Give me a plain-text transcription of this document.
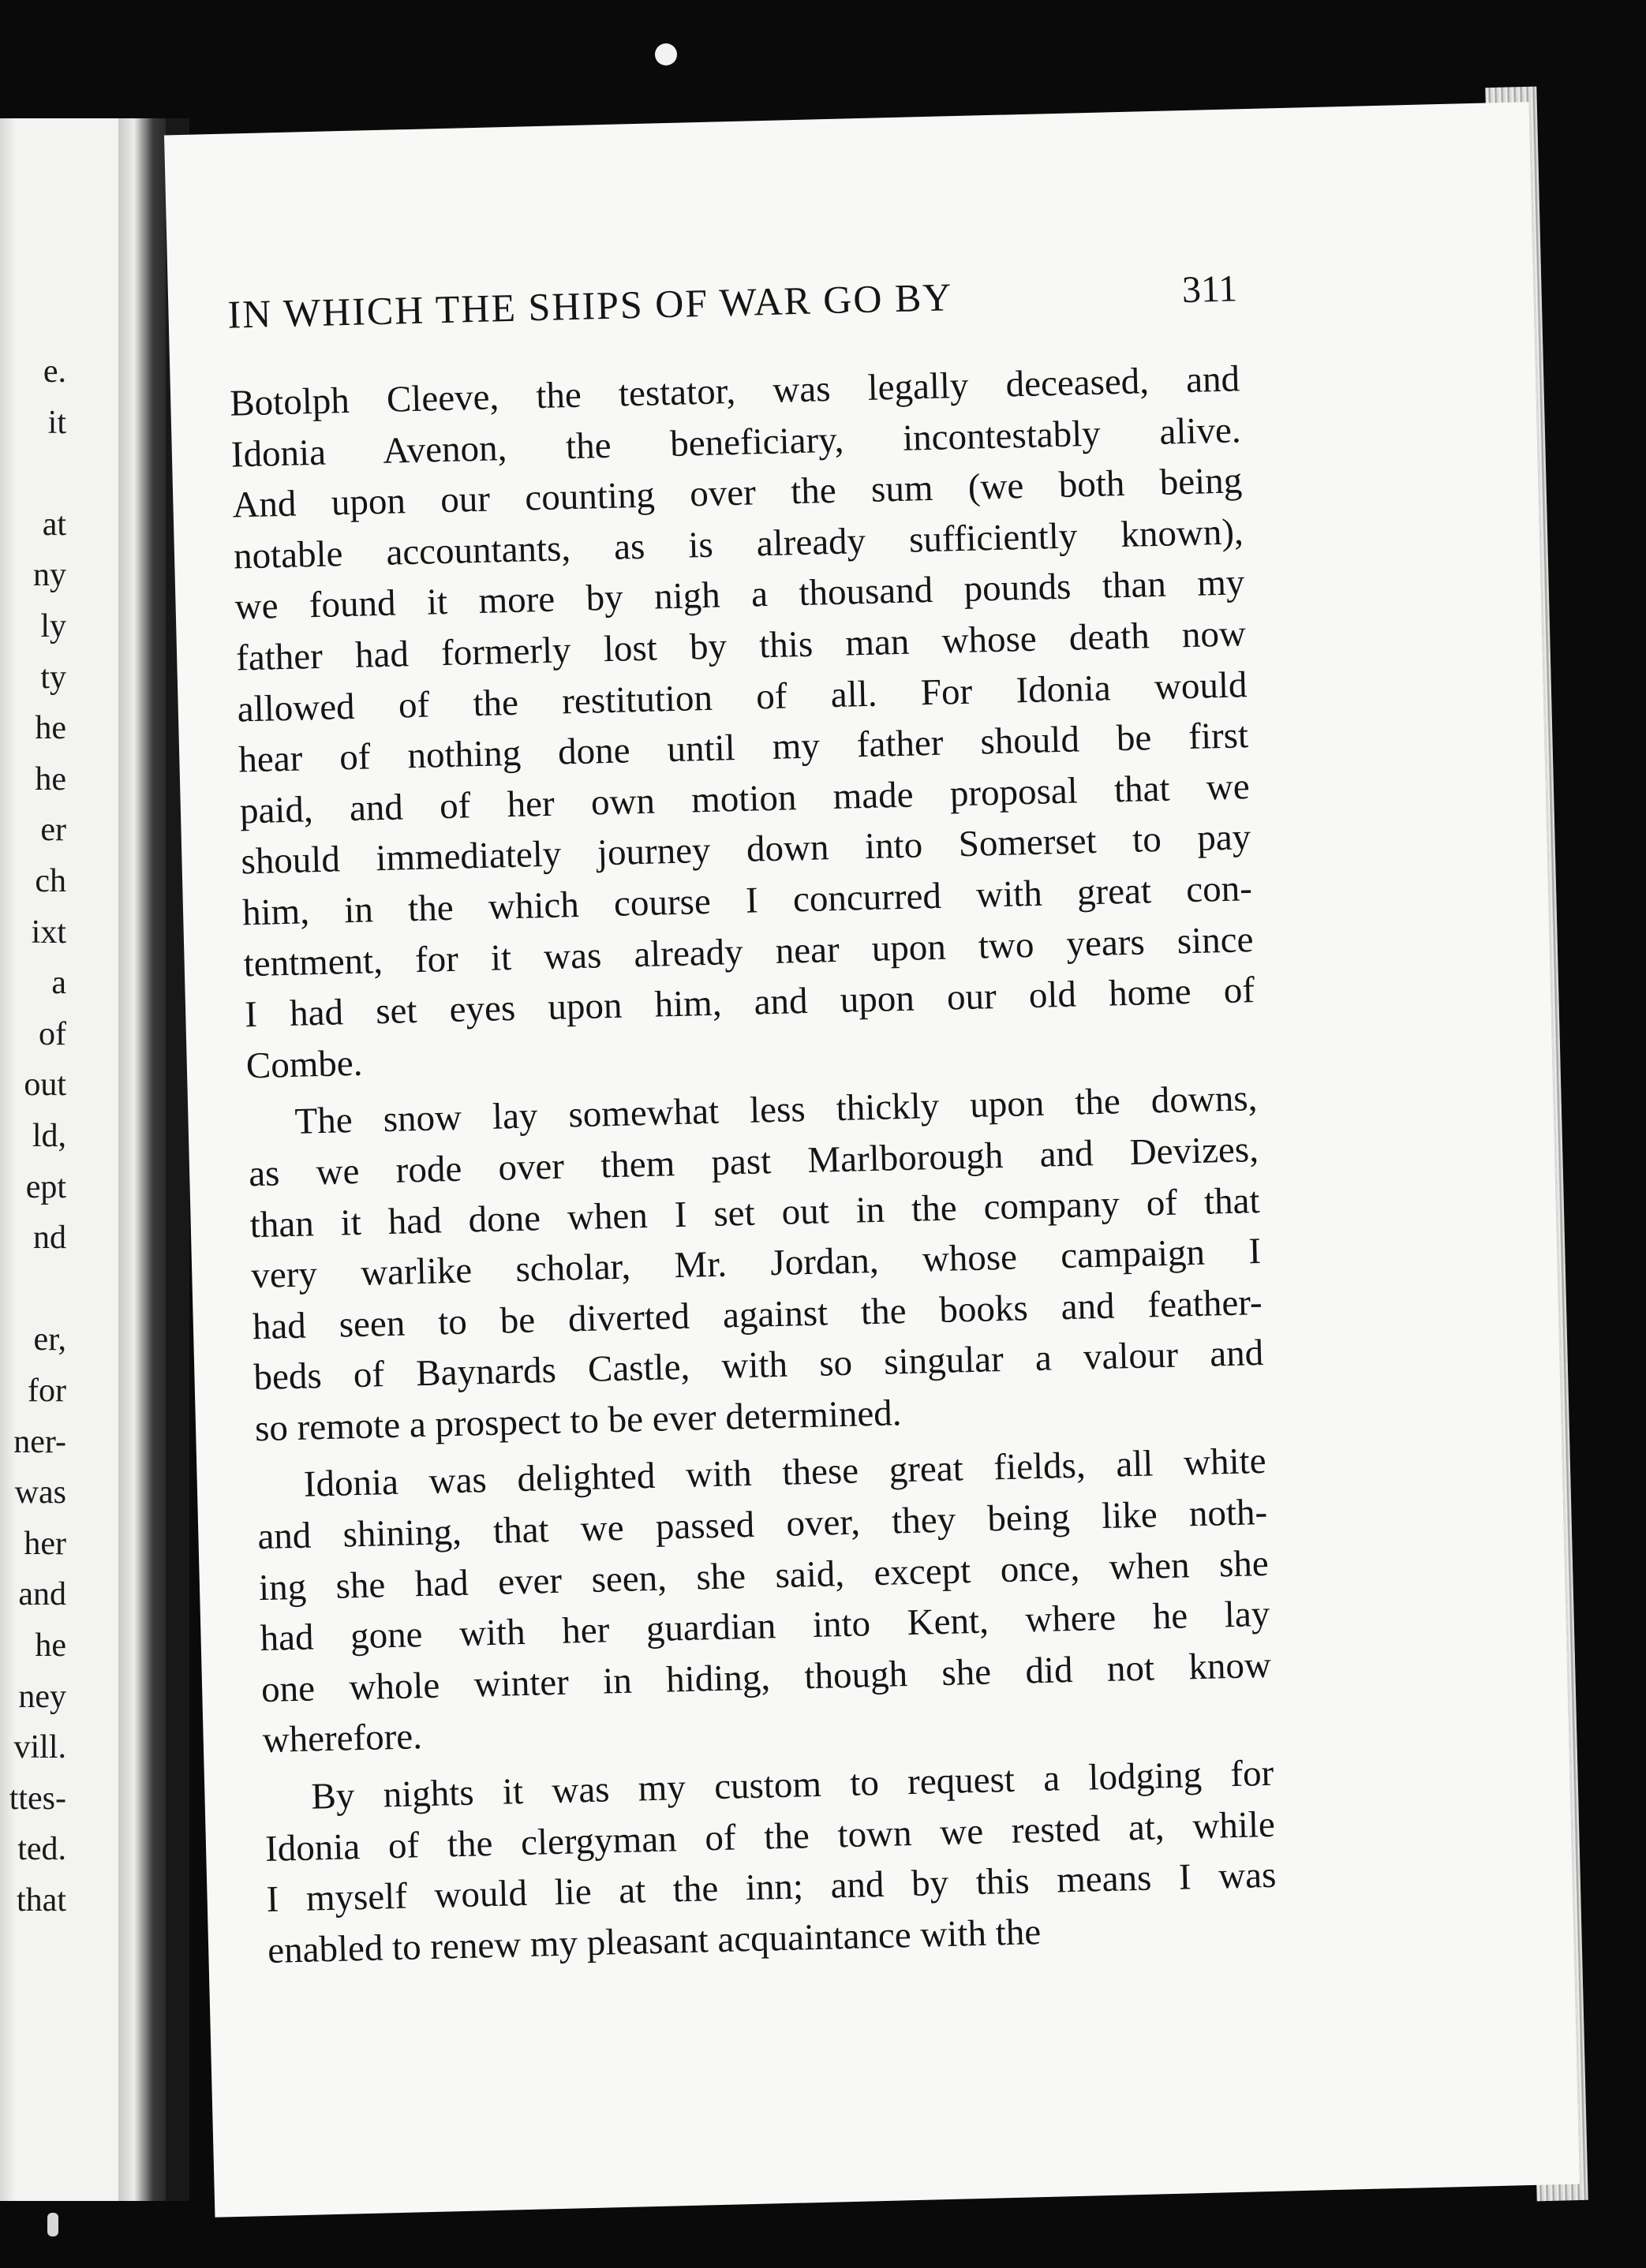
e.
it
at
ny
ly
ty
he
he
er
ch
ixt
a
of
out
ld,
ept
nd
er,
for
ner-
was
her
and
he
ney
vill.
ttes-
ted.
that
IN WHICH THE SHIPS OF WAR GO BY	311
Botolph Cleeve, the testator, was legally deceased, and
Idonia Avenon, the beneficiary, incontestably alive.
And upon our counting over the sum (we both being
notable accountants, as is already sufficiently known),
we found it more by nigh a thousand pounds than my
father had formerly lost by this man whose death now
allowed of the restitution of all. For Idonia would
hear of nothing done until my father should be first
paid, and of her own motion made proposal that we
should immediately journey down into Somerset to pay
him, in the which course I concurred with great con-
tentment, for it was already near upon two years since
I had set eyes upon him, and upon our old home of
Combe.
The snow lay somewhat less thickly upon the downs,
as we rode over them past Marlborough and Devizes,
than it had done when I set out in the company of that
very warlike scholar, Mr. Jordan, whose campaign I
had seen to be diverted against the books and feather-
beds of Baynards Castle, with so singular a valour and
so remote a prospect to be ever determined.
Idonia was delighted with these great fields, all white
and shining, that we passed over, they being like noth-
ing she had ever seen, she said, except once, when she
had gone with her guardian into Kent, where he lay
one whole winter in hiding, though she did not know
wherefore.
By nights it was my custom to request a lodging for
Idonia of the clergyman of the town we rested at, while
I myself would lie at the inn; and by this means I was
enabled to renew my pleasant acquaintance with the
